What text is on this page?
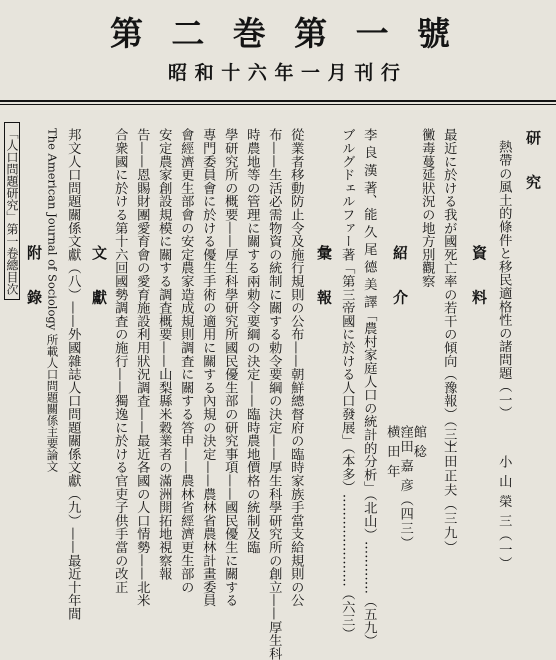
第 二 巻 第 一 號
昭 和 十 六 年 一 月 刊 行
研 究
熱帶の風土的條件と移民適格性の諸問題（一）
小 山 榮 三（一）
資 料
最近に於ける我が國死亡率の若干の傾向（豫報）（三）
上田正夫（三九）
黴毒蔓延狀況の地方別觀察
館 稔
窪田 嘉 彦（四三）
横 田 年
紹 介
李 良 漢 著、能 久 尾 德 美 譯「農村家庭人口の統計的分析」（北山）…………（五九）
ブルグドェルファー著「第三帝國に於ける人口發展」（本多）…………………（六三）
彙 報
從業者移動防止令及施行規則の公布——朝鮮總督府の臨時家族手當支給規則の公
布——生活必需物資の統制に關する勅令要綱の決定——厚生科學研究所の創立——厚生科
時農地等の管理に關する兩勅令要綱の決定——臨時農地價格の統制及臨
學研究所の概要——厚生科學研究所國民優生部の研究事項——國民優生に關する
專門委員會に於ける優生手術の適用に關する內規の決定——農林省農林計畫委員
會經濟更生部會の安定農家造成規則調査に關する答申——農林省經濟更生部の
安定農家創設規模に關する調査概要——山梨縣米穀業者の滿洲開拓地視察報
告——恩賜財團愛育會の愛育施設利用狀況調査——最近各國の人口情勢——北米
合衆國に於ける第十六回國勢調査の施行——獨逸に於ける官吏子供手當の改正
文 獻
邦文人口問題關係文獻（八）——外國雜誌人口問題關係文獻（九）——最近十年間
The American Journal of Sociology 所載人口問題關係主要論文
附 錄
「人口問題研究」第一卷總目次
